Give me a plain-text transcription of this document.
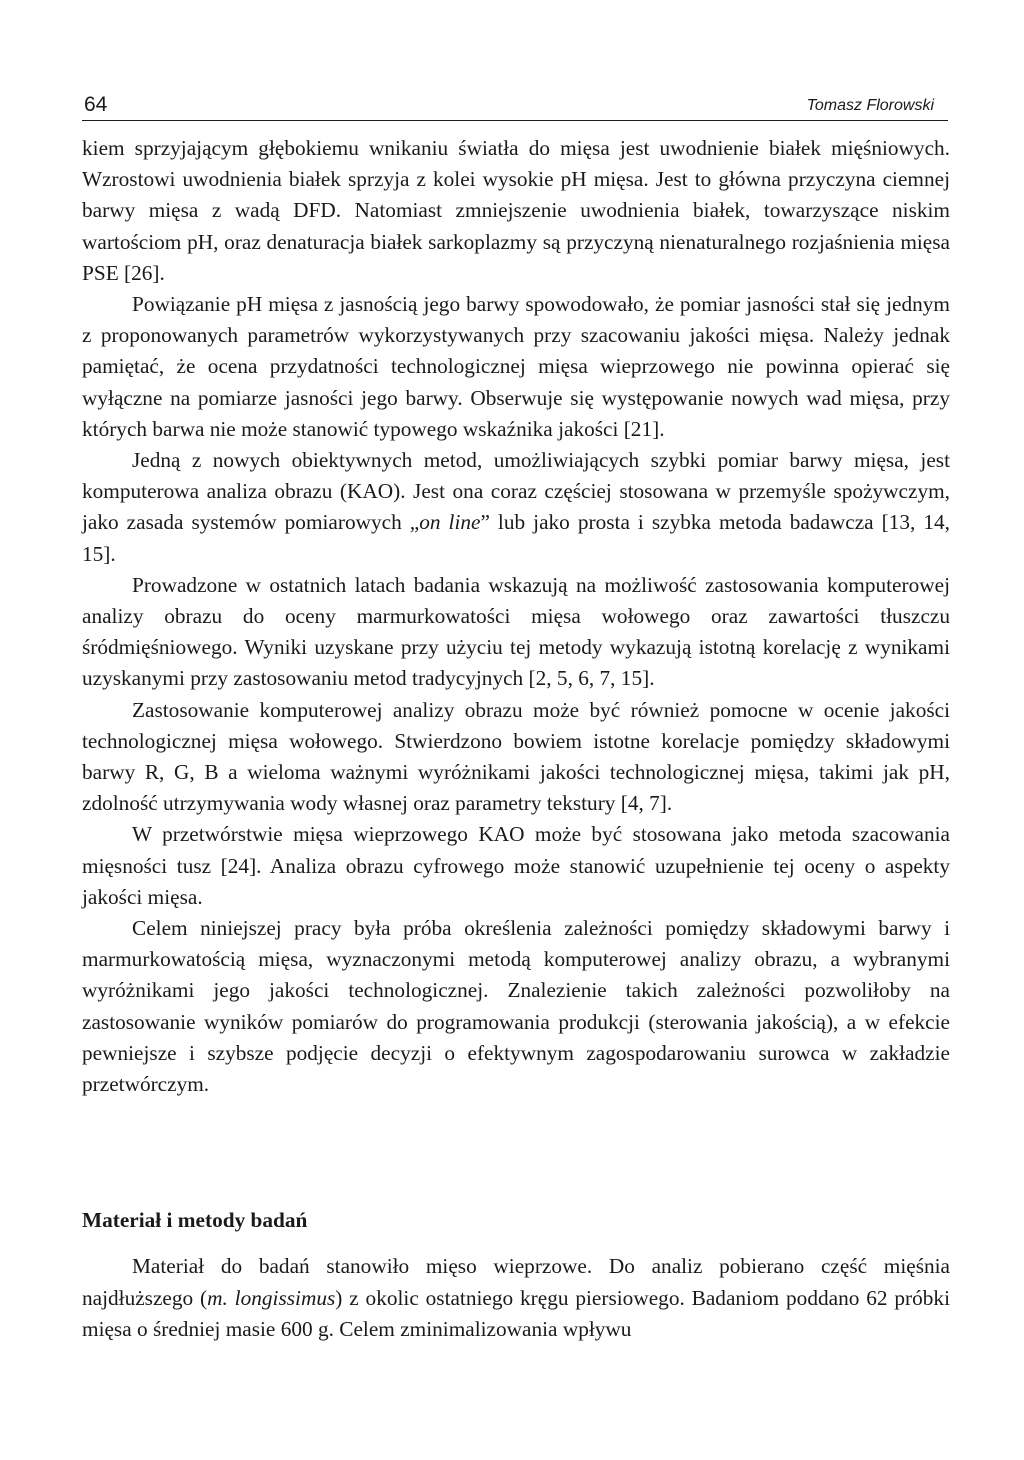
64	Tomasz Florowski

kiem sprzyjającym głębokiemu wnikaniu światła do mięsa jest uwodnienie białek mięśniowych. Wzrostowi uwodnienia białek sprzyja z kolei wysokie pH mięsa. Jest to główna przyczyna ciemnej barwy mięsa z wadą DFD. Natomiast zmniejszenie uwodnienia białek, towarzyszące niskim wartościom pH, oraz denaturacja białek sarkoplazmy są przyczyną nienaturalnego rozjaśnienia mięsa PSE [26].

Powiązanie pH mięsa z jasnością jego barwy spowodowało, że pomiar jasności stał się jednym z proponowanych parametrów wykorzystywanych przy szacowaniu jakości mięsa. Należy jednak pamiętać, że ocena przydatności technologicznej mięsa wieprzowego nie powinna opierać się wyłączne na pomiarze jasności jego barwy. Obserwuje się występowanie nowych wad mięsa, przy których barwa nie może stanowić typowego wskaźnika jakości [21].

Jedną z nowych obiektywnych metod, umożliwiających szybki pomiar barwy mięsa, jest komputerowa analiza obrazu (KAO). Jest ona coraz częściej stosowana w przemyśle spożywczym, jako zasada systemów pomiarowych „on line” lub jako prosta i szybka metoda badawcza [13, 14, 15].

Prowadzone w ostatnich latach badania wskazują na możliwość zastosowania komputerowej analizy obrazu do oceny marmurkowatości mięsa wołowego oraz zawartości tłuszczu śródmięśniowego. Wyniki uzyskane przy użyciu tej metody wykazują istotną korelację z wynikami uzyskanymi przy zastosowaniu metod tradycyjnych [2, 5, 6, 7, 15].

Zastosowanie komputerowej analizy obrazu może być również pomocne w ocenie jakości technologicznej mięsa wołowego. Stwierdzono bowiem istotne korelacje pomiędzy składowymi barwy R, G, B a wieloma ważnymi wyróżnikami jakości technologicznej mięsa, takimi jak pH, zdolność utrzymywania wody własnej oraz parametry tekstury [4, 7].

W przetwórstwie mięsa wieprzowego KAO może być stosowana jako metoda szacowania mięsności tusz [24]. Analiza obrazu cyfrowego może stanowić uzupełnienie tej oceny o aspekty jakości mięsa.

Celem niniejszej pracy była próba określenia zależności pomiędzy składowymi barwy i marmurkowatością mięsa, wyznaczonymi metodą komputerowej analizy obrazu, a wybranymi wyróżnikami jego jakości technologicznej. Znalezienie takich zależności pozwoliłoby na zastosowanie wyników pomiarów do programowania produkcji (sterowania jakością), a w efekcie pewniejsze i szybsze podjęcie decyzji o efektywnym zagospodarowaniu surowca w zakładzie przetwórczym.

Materiał i metody badań

Materiał do badań stanowiło mięso wieprzowe. Do analiz pobierano część mięśnia najdłuższego (m. longissimus) z okolic ostatniego kręgu piersiowego. Badaniom poddano 62 próbki mięsa o średniej masie 600 g. Celem zminimalizowania wpływu
